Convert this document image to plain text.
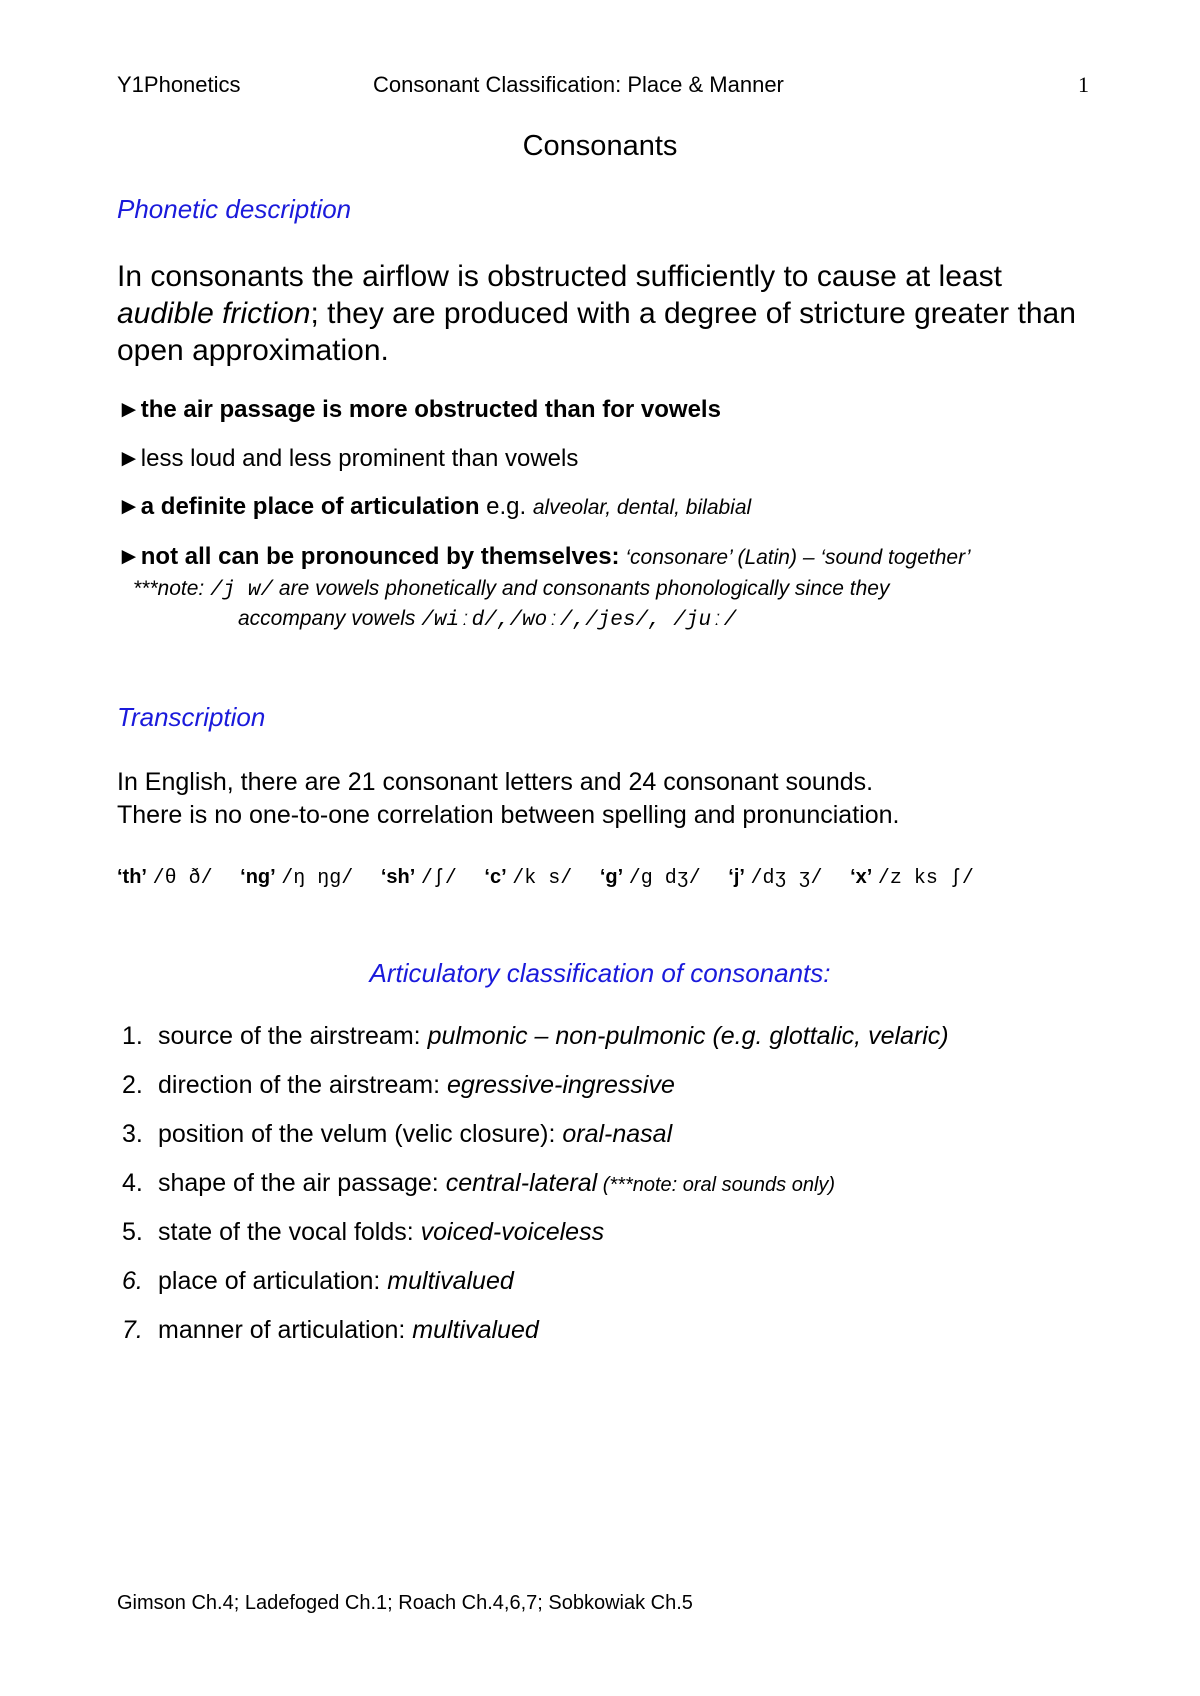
Y1Phonetics	Consonant Classification: Place & Manner	1
Consonants
Phonetic description
In consonants the airflow is obstructed sufficiently to cause at least audible friction; they are produced with a degree of stricture greater than open approximation.
►the air passage is more obstructed than for vowels
►less loud and less prominent than vowels
►a definite place of articulation e.g. alveolar, dental, bilabial
►not all can be pronounced by themselves: ‘consonare’ (Latin) – ‘sound together’
***note: /j w/ are vowels phonetically and consonants phonologically since they
accompany vowels /wiːd/,/woː/,/jes/, /juː/
Transcription
In English, there are 21 consonant letters and 24 consonant sounds.
There is no one-to-one correlation between spelling and pronunciation.
‘th’ /θ ð/ ‘ng’ /ŋ ŋg/ ‘sh’ /ʃ/ ‘c’ /k s/ ‘g’ /g dʒ/ ‘j’ /dʒ ʒ/ ‘x’ /z ks ʃ/
Articulatory classification of consonants:
1. source of the airstream: pulmonic – non-pulmonic (e.g. glottalic, velaric)
2. direction of the airstream: egressive-ingressive
3. position of the velum (velic closure): oral-nasal
4. shape of the air passage: central-lateral (***note: oral sounds only)
5. state of the vocal folds: voiced-voiceless
6. place of articulation: multivalued
7. manner of articulation: multivalued
Gimson Ch.4; Ladefoged Ch.1; Roach Ch.4,6,7; Sobkowiak Ch.5
